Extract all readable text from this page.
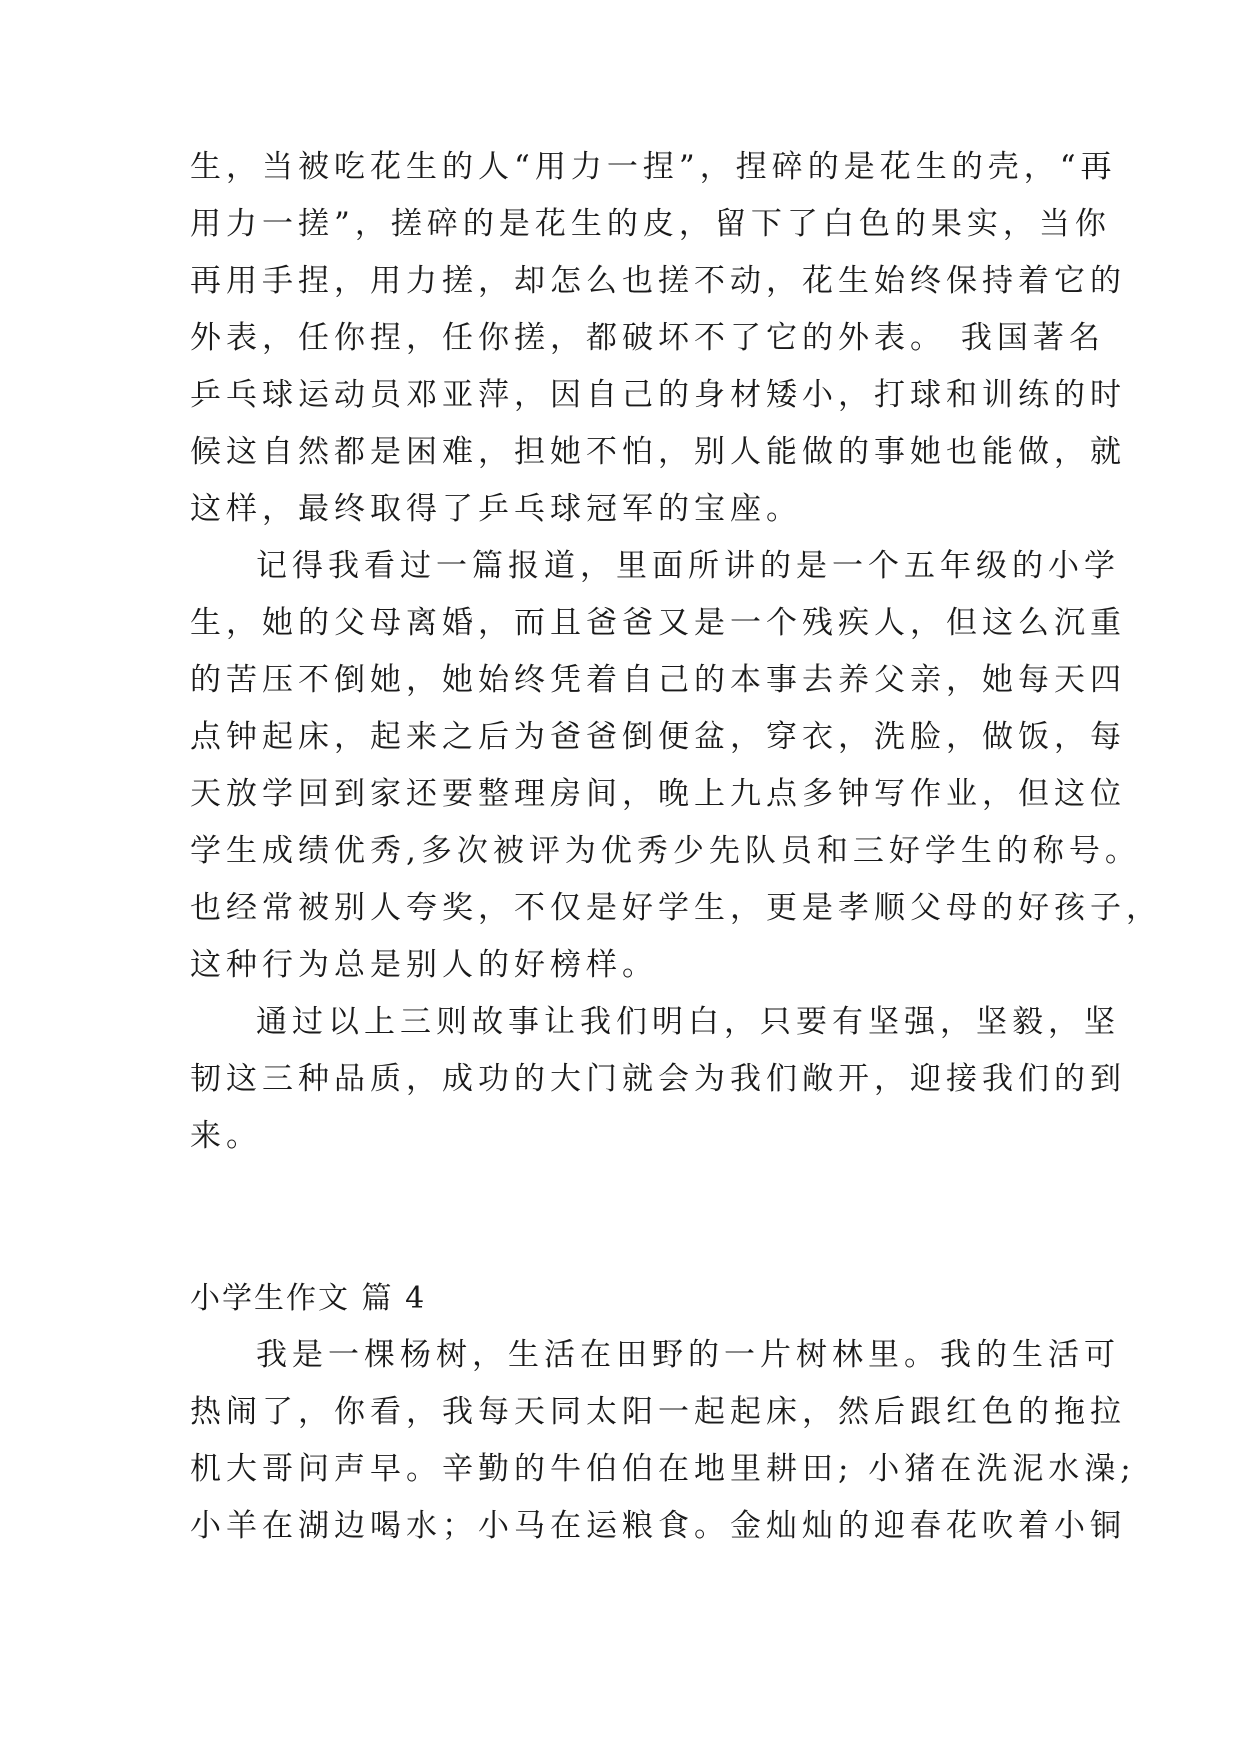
生，当被吃花生的人“用力一捏”，捏碎的是花生的壳，“再
用力一搓”，搓碎的是花生的皮，留下了白色的果实，当你
再用手捏，用力搓，却怎么也搓不动，花生始终保持着它的
外表，任你捏，任你搓，都破坏不了它的外表。 我国著名
乒乓球运动员邓亚萍，因自己的身材矮小，打球和训练的时
候这自然都是困难，担她不怕，别人能做的事她也能做，就
这样，最终取得了乒乓球冠军的宝座。
记得我看过一篇报道，里面所讲的是一个五年级的小学
生，她的父母离婚，而且爸爸又是一个残疾人，但这么沉重
的苦压不倒她，她始终凭着自己的本事去养父亲，她每天四
点钟起床，起来之后为爸爸倒便盆，穿衣，洗脸，做饭，每
天放学回到家还要整理房间，晚上九点多钟写作业，但这位
学生成绩优秀,多次被评为优秀少先队员和三好学生的称号。
也经常被别人夸奖，不仅是好学生，更是孝顺父母的好孩子，
这种行为总是别人的好榜样。
通过以上三则故事让我们明白，只要有坚强，坚毅，坚
韧这三种品质，成功的大门就会为我们敞开，迎接我们的到
来。
小学生作文 篇 4
我是一棵杨树，生活在田野的一片树林里。我的生活可
热闹了，你看，我每天同太阳一起起床，然后跟红色的拖拉
机大哥问声早。辛勤的牛伯伯在地里耕田; 小猪在洗泥水澡;
小羊在湖边喝水；小马在运粮食。金灿灿的迎春花吹着小铜
